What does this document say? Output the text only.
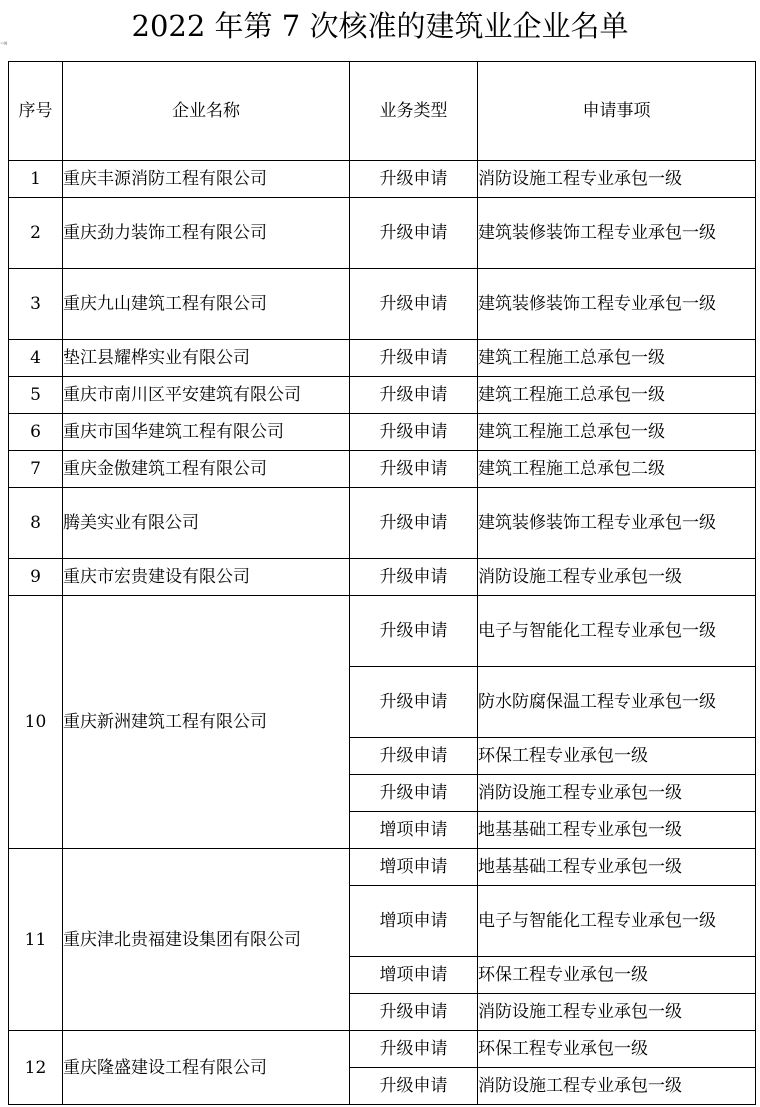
2022 年第 7 次核准的建筑业企业名单
⇥
序号	企业名称	业务类型	申请事项
1	重庆丰源消防工程有限公司	升级申请	消防设施工程专业承包一级
2	重庆劲力装饰工程有限公司	升级申请	建筑装修装饰工程专业承包一级
3	重庆九山建筑工程有限公司	升级申请	建筑装修装饰工程专业承包一级
4	垫江县耀桦实业有限公司	升级申请	建筑工程施工总承包一级
5	重庆市南川区平安建筑有限公司	升级申请	建筑工程施工总承包一级
6	重庆市国华建筑工程有限公司	升级申请	建筑工程施工总承包一级
7	重庆金傲建筑工程有限公司	升级申请	建筑工程施工总承包二级
8	腾美实业有限公司	升级申请	建筑装修装饰工程专业承包一级
9	重庆市宏贵建设有限公司	升级申请	消防设施工程专业承包一级
10	重庆新洲建筑工程有限公司	升级申请	电子与智能化工程专业承包一级
		升级申请	防水防腐保温工程专业承包一级
		升级申请	环保工程专业承包一级
		升级申请	消防设施工程专业承包一级
		增项申请	地基基础工程专业承包一级
11	重庆津北贵福建设集团有限公司	增项申请	地基基础工程专业承包一级
		增项申请	电子与智能化工程专业承包一级
		增项申请	环保工程专业承包一级
		升级申请	消防设施工程专业承包一级
12	重庆隆盛建设工程有限公司	升级申请	环保工程专业承包一级
		升级申请	消防设施工程专业承包一级
